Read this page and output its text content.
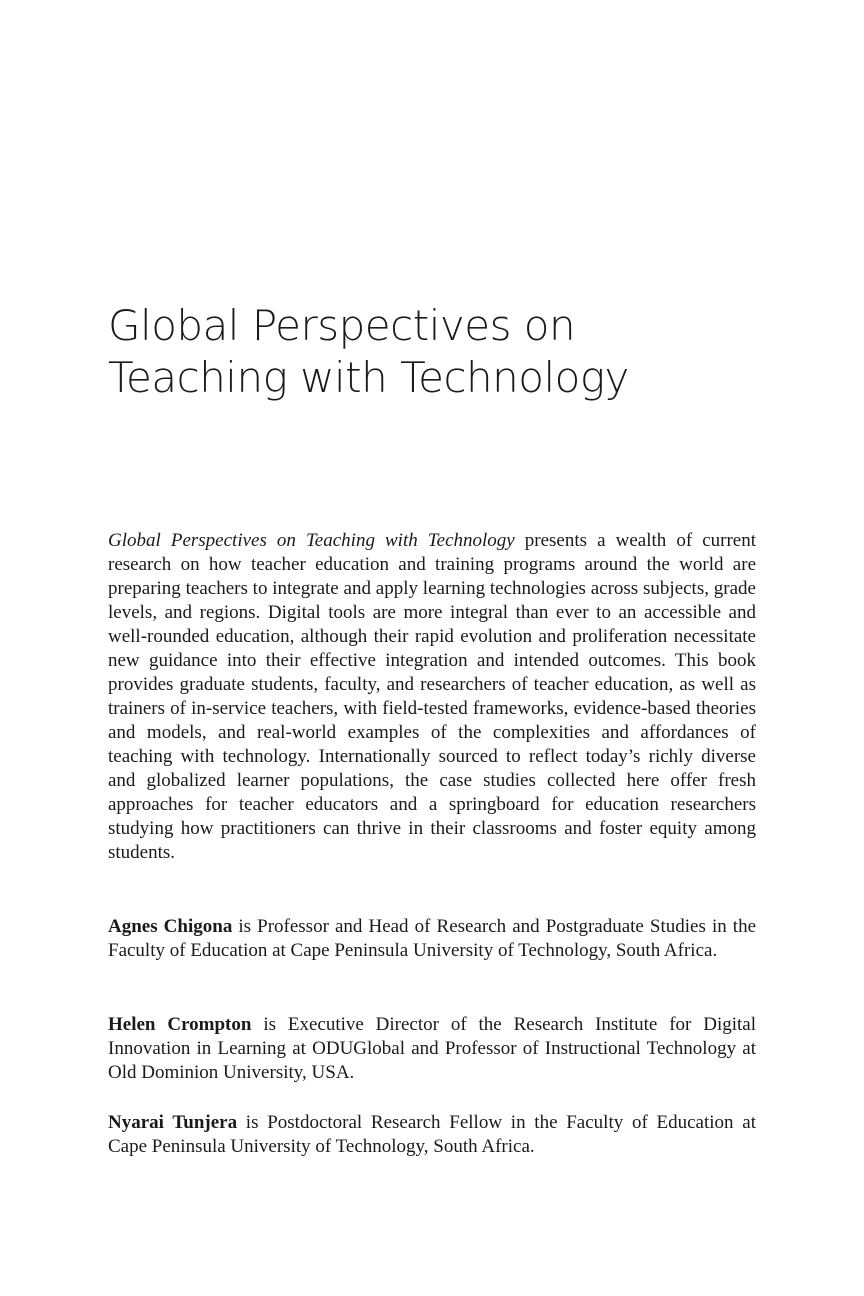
Global Perspectives on
Teaching with Technology

Global Perspectives on Teaching with Technology presents a wealth of current research on how teacher education and training programs around the world are preparing teachers to integrate and apply learning technologies across subjects, grade levels, and regions. Digital tools are more integral than ever to an accessible and well-rounded education, although their rapid evolution and proliferation necessitate new guidance into their effective integration and intended outcomes. This book provides graduate students, faculty, and researchers of teacher education, as well as trainers of in-service teachers, with field-tested frameworks, evidence-based theories and models, and real-world examples of the complexities and affordances of teaching with technology. Internationally sourced to reflect today’s richly diverse and globalized learner populations, the case studies collected here offer fresh approaches for teacher educators and a springboard for education researchers studying how practitioners can thrive in their classrooms and foster equity among students.

Agnes Chigona is Professor and Head of Research and Postgraduate Studies in the Faculty of Education at Cape Peninsula University of Technology, South Africa.

Helen Crompton is Executive Director of the Research Institute for Digital Innovation in Learning at ODUGlobal and Professor of Instructional Technology at Old Dominion University, USA.

Nyarai Tunjera is Postdoctoral Research Fellow in the Faculty of Education at Cape Peninsula University of Technology, South Africa.
